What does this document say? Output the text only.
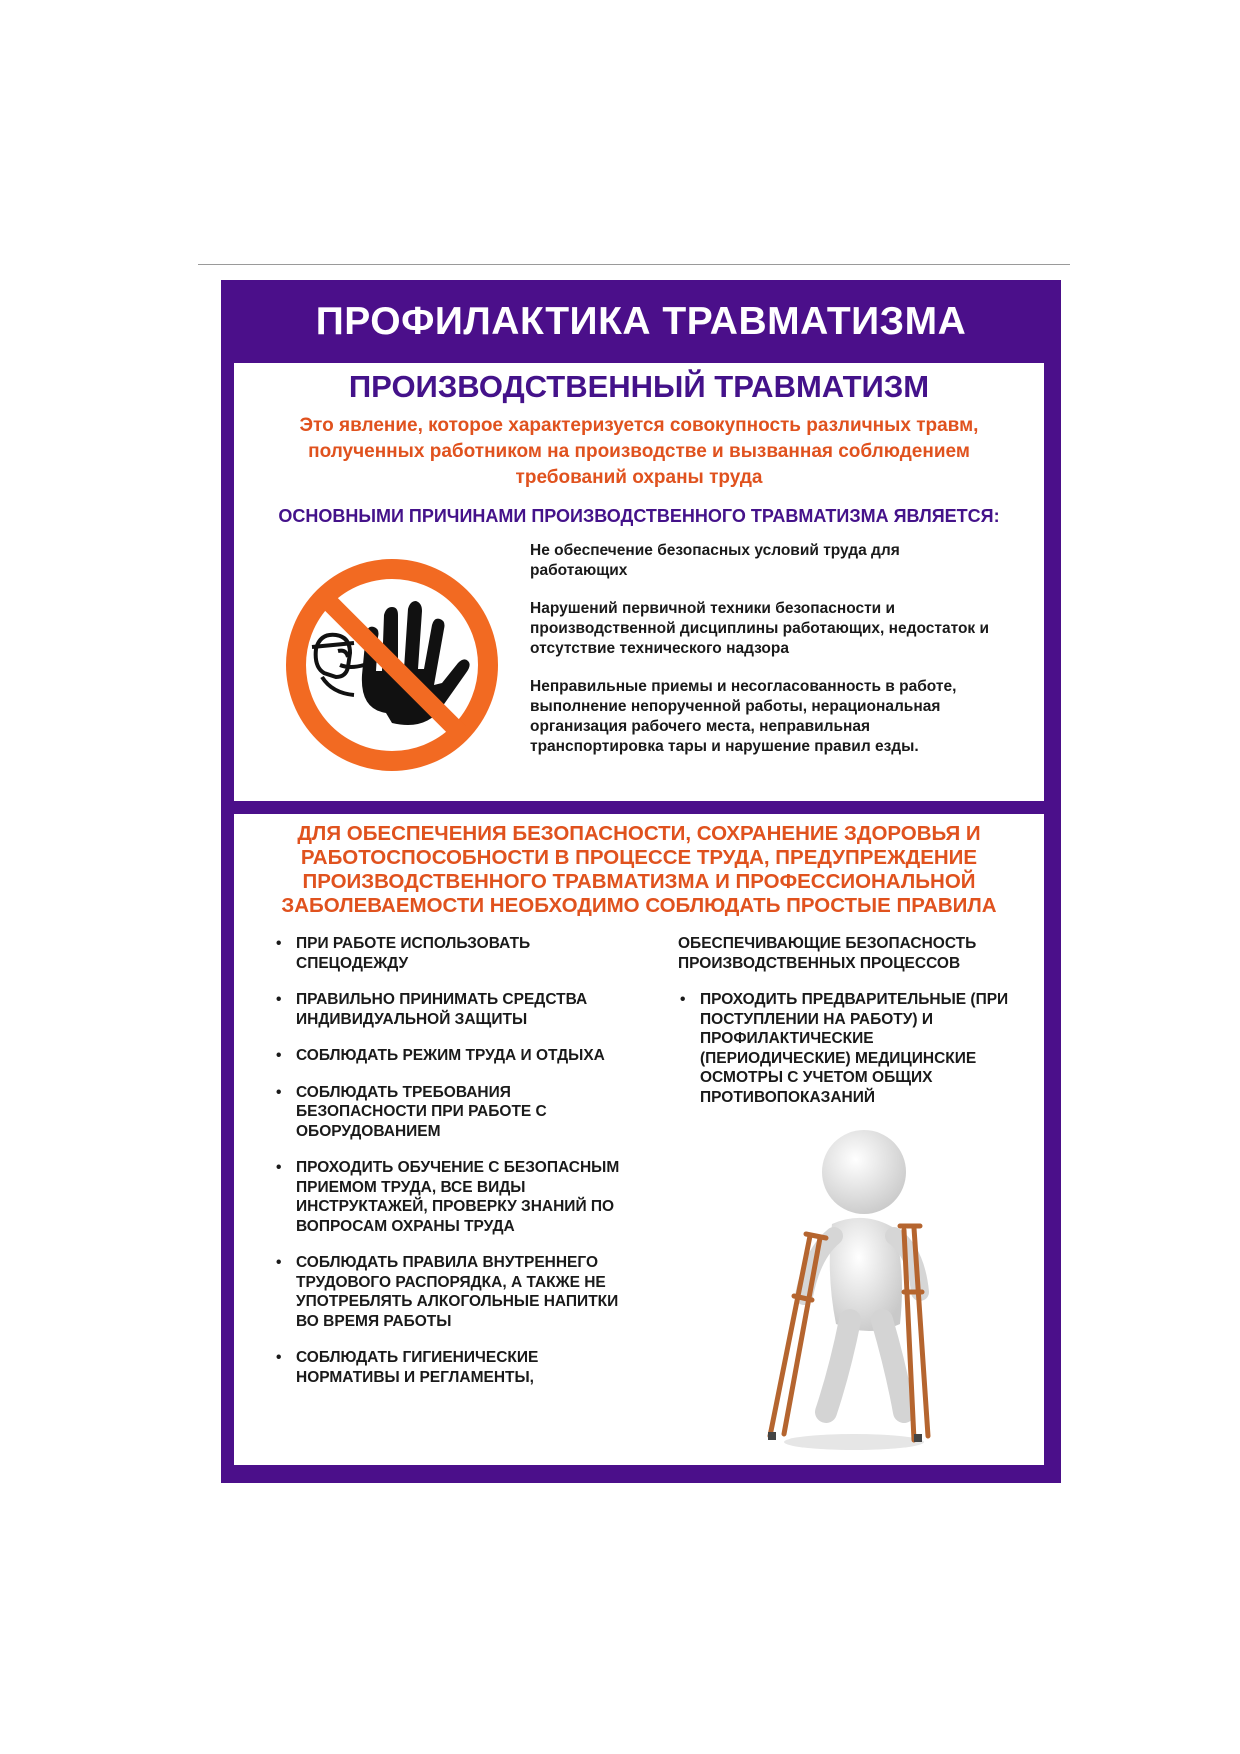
ПРОФИЛАКТИКА ТРАВМАТИЗМА
ПРОИЗВОДСТВЕННЫЙ ТРАВМАТИЗМ
Это явление, которое характеризуется совокупность различных травм, полученных работником на производстве и вызванная соблюдением требований охраны труда
ОСНОВНЫМИ ПРИЧИНАМИ ПРОИЗВОДСТВЕННОГО ТРАВМАТИЗМА ЯВЛЯЕТСЯ:
Не обеспечение безопасных условий труда для работающих
Нарушений первичной техники безопасности и производственной дисциплины работающих, недостаток и отсутствие технического надзора
Неправильные приемы и несогласованность в работе, выполнение непорученной работы, нерациональная организация рабочего места, неправильная транспортировка тары и нарушение правил езды.
ДЛЯ ОБЕСПЕЧЕНИЯ БЕЗОПАСНОСТИ, СОХРАНЕНИЕ ЗДОРОВЬЯ И РАБОТОСПОСОБНОСТИ В ПРОЦЕССЕ ТРУДА, ПРЕДУПРЕЖДЕНИЕ ПРОИЗВОДСТВЕННОГО ТРАВМАТИЗМА И ПРОФЕССИОНАЛЬНОЙ ЗАБОЛЕВАЕМОСТИ НЕОБХОДИМО СОБЛЮДАТЬ ПРОСТЫЕ ПРАВИЛА
• ПРИ РАБОТЕ ИСПОЛЬЗОВАТЬ СПЕЦОДЕЖДУ
• ПРАВИЛЬНО ПРИНИМАТЬ СРЕДСТВА ИНДИВИДУАЛЬНОЙ ЗАЩИТЫ
• СОБЛЮДАТЬ РЕЖИМ ТРУДА И ОТДЫХА
• СОБЛЮДАТЬ ТРЕБОВАНИЯ БЕЗОПАСНОСТИ ПРИ РАБОТЕ С ОБОРУДОВАНИЕМ
• ПРОХОДИТЬ ОБУЧЕНИЕ С БЕЗОПАСНЫМ ПРИЕМОМ ТРУДА, ВСЕ ВИДЫ ИНСТРУКТАЖЕЙ, ПРОВЕРКУ ЗНАНИЙ ПО ВОПРОСАМ ОХРАНЫ ТРУДА
• СОБЛЮДАТЬ ПРАВИЛА ВНУТРЕННЕГО ТРУДОВОГО РАСПОРЯДКА, А ТАКЖЕ НЕ УПОТРЕБЛЯТЬ АЛКОГОЛЬНЫЕ НАПИТКИ ВО ВРЕМЯ РАБОТЫ
• СОБЛЮДАТЬ ГИГИЕНИЧЕСКИЕ НОРМАТИВЫ И РЕГЛАМЕНТЫ,

ОБЕСПЕЧИВАЮЩИЕ БЕЗОПАСНОСТЬ ПРОИЗВОДСТВЕННЫХ ПРОЦЕССОВ

• ПРОХОДИТЬ ПРЕДВАРИТЕЛЬНЫЕ (ПРИ ПОСТУПЛЕНИИ НА РАБОТУ) И ПРОФИЛАКТИЧЕСКИЕ (ПЕРИОДИЧЕСКИЕ) МЕДИЦИНСКИЕ ОСМОТРЫ С УЧЕТОМ ОБЩИХ ПРОТИВОПОКАЗАНИЙ
